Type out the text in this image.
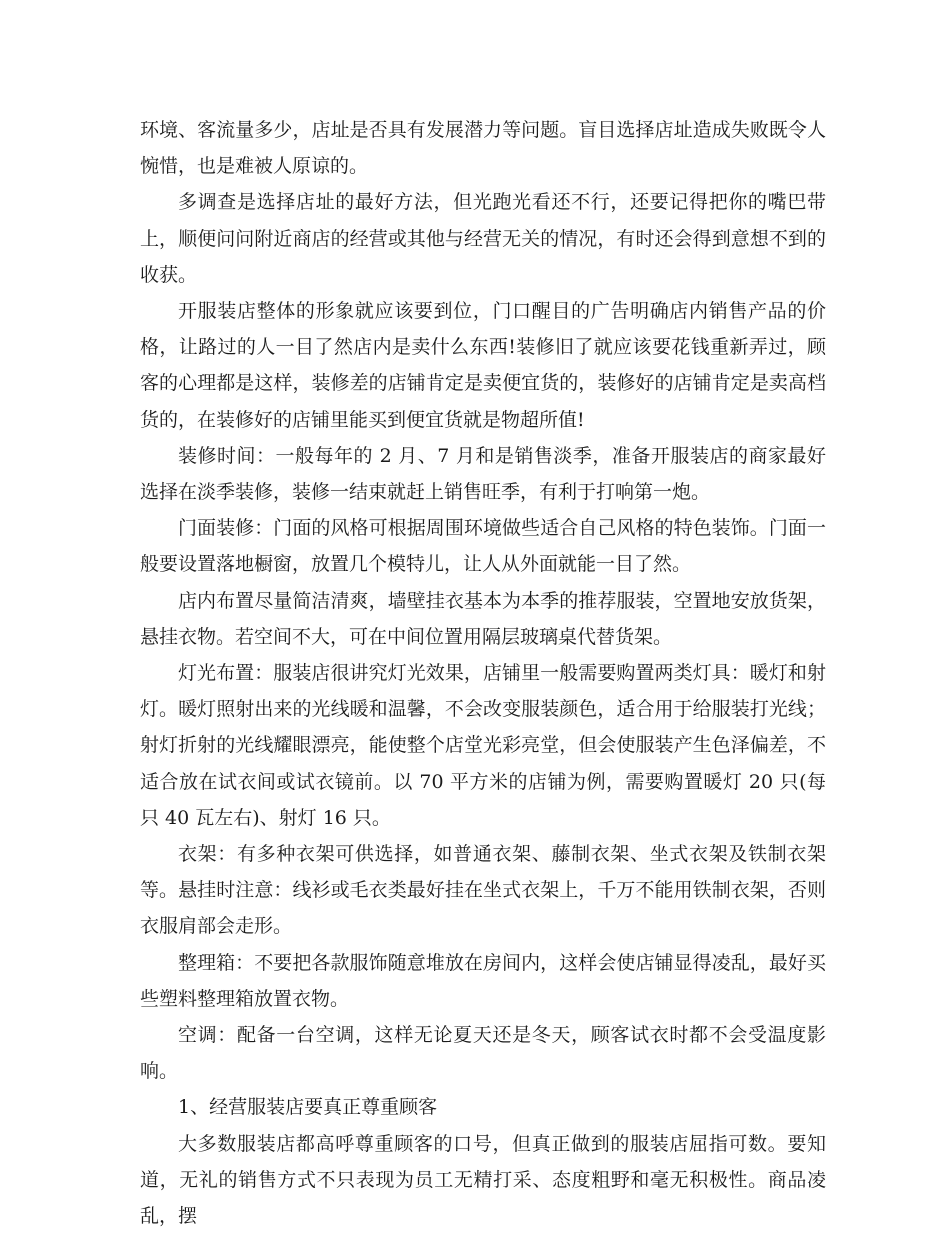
环境、客流量多少，店址是否具有发展潜力等问题。盲目选择店址造成失败既令人惋惜，也是难被人原谅的。

多调查是选择店址的最好方法，但光跑光看还不行，还要记得把你的嘴巴带上，顺便问问附近商店的经营或其他与经营无关的情况，有时还会得到意想不到的收获。

开服装店整体的形象就应该要到位，门口醒目的广告明确店内销售产品的价格，让路过的人一目了然店内是卖什么东西!装修旧了就应该要花钱重新弄过，顾客的心理都是这样，装修差的店铺肯定是卖便宜货的，装修好的店铺肯定是卖高档货的，在装修好的店铺里能买到便宜货就是物超所值!

装修时间：一般每年的 2 月、7 月和是销售淡季，准备开服装店的商家最好选择在淡季装修，装修一结束就赶上销售旺季，有利于打响第一炮。

门面装修：门面的风格可根据周围环境做些适合自己风格的特色装饰。门面一般要设置落地橱窗，放置几个模特儿，让人从外面就能一目了然。

店内布置尽量简洁清爽，墙壁挂衣基本为本季的推荐服装，空置地安放货架，悬挂衣物。若空间不大，可在中间位置用隔层玻璃桌代替货架。

灯光布置：服装店很讲究灯光效果，店铺里一般需要购置两类灯具：暖灯和射灯。暖灯照射出来的光线暖和温馨，不会改变服装颜色，适合用于给服装打光线；射灯折射的光线耀眼漂亮，能使整个店堂光彩亮堂，但会使服装产生色泽偏差，不适合放在试衣间或试衣镜前。以 70 平方米的店铺为例，需要购置暖灯 20 只(每只 40 瓦左右)、射灯 16 只。

衣架：有多种衣架可供选择，如普通衣架、藤制衣架、坐式衣架及铁制衣架等。悬挂时注意：线衫或毛衣类最好挂在坐式衣架上，千万不能用铁制衣架，否则衣服肩部会走形。

整理箱：不要把各款服饰随意堆放在房间内，这样会使店铺显得凌乱，最好买些塑料整理箱放置衣物。

空调：配备一台空调，这样无论夏天还是冬天，顾客试衣时都不会受温度影响。

1、经营服装店要真正尊重顾客

大多数服装店都高呼尊重顾客的口号，但真正做到的服装店屈指可数。要知道，无礼的销售方式不只表现为员工无精打采、态度粗野和毫无积极性。商品凌乱，摆
